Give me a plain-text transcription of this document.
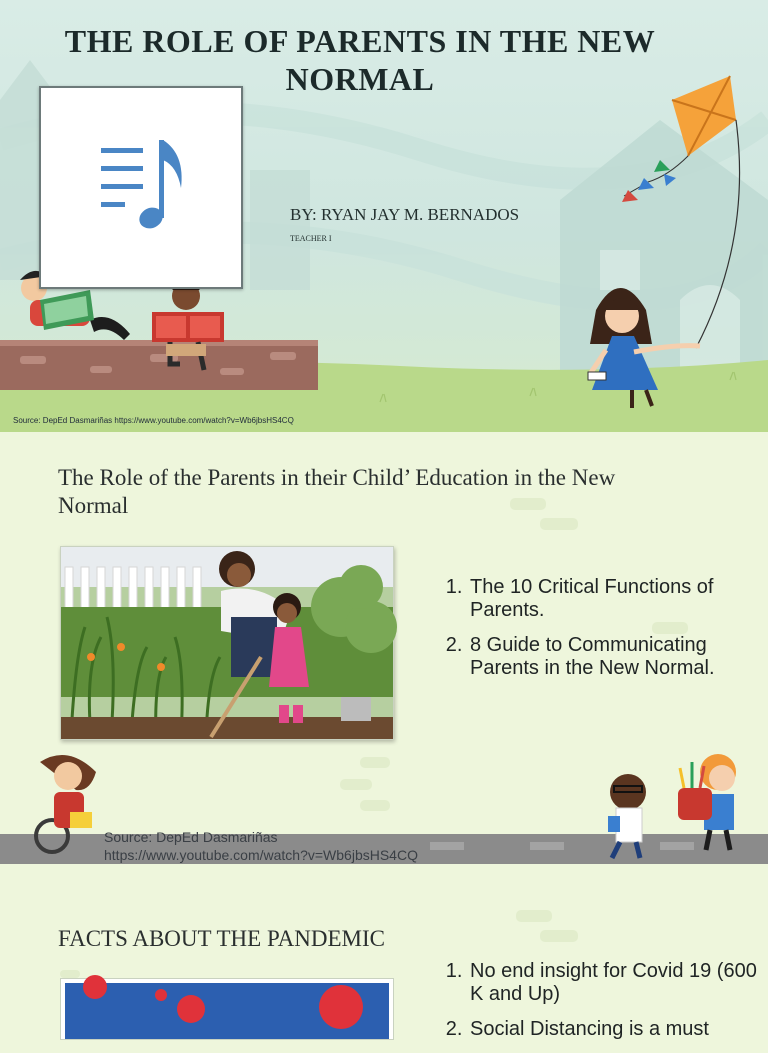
THE ROLE OF PARENTS IN THE NEW NORMAL
BY: RYAN JAY M. BERNADOS
TEACHER I
Source: DepEd Dasmariñas https://www.youtube.com/watch?v=Wb6jbsHS4CQ
The Role of the Parents in their Child’ Education in the New Normal
1. The 10 Critical Functions of Parents.
2. 8 Guide to Communicating Parents in the New Normal.
Source: DepEd Dasmariñas
https://www.youtube.com/watch?v=Wb6jbsHS4CQ
FACTS ABOUT THE PANDEMIC
1. No end insight for Covid 19 (600 K and Up)
2. Social Distancing is a must
